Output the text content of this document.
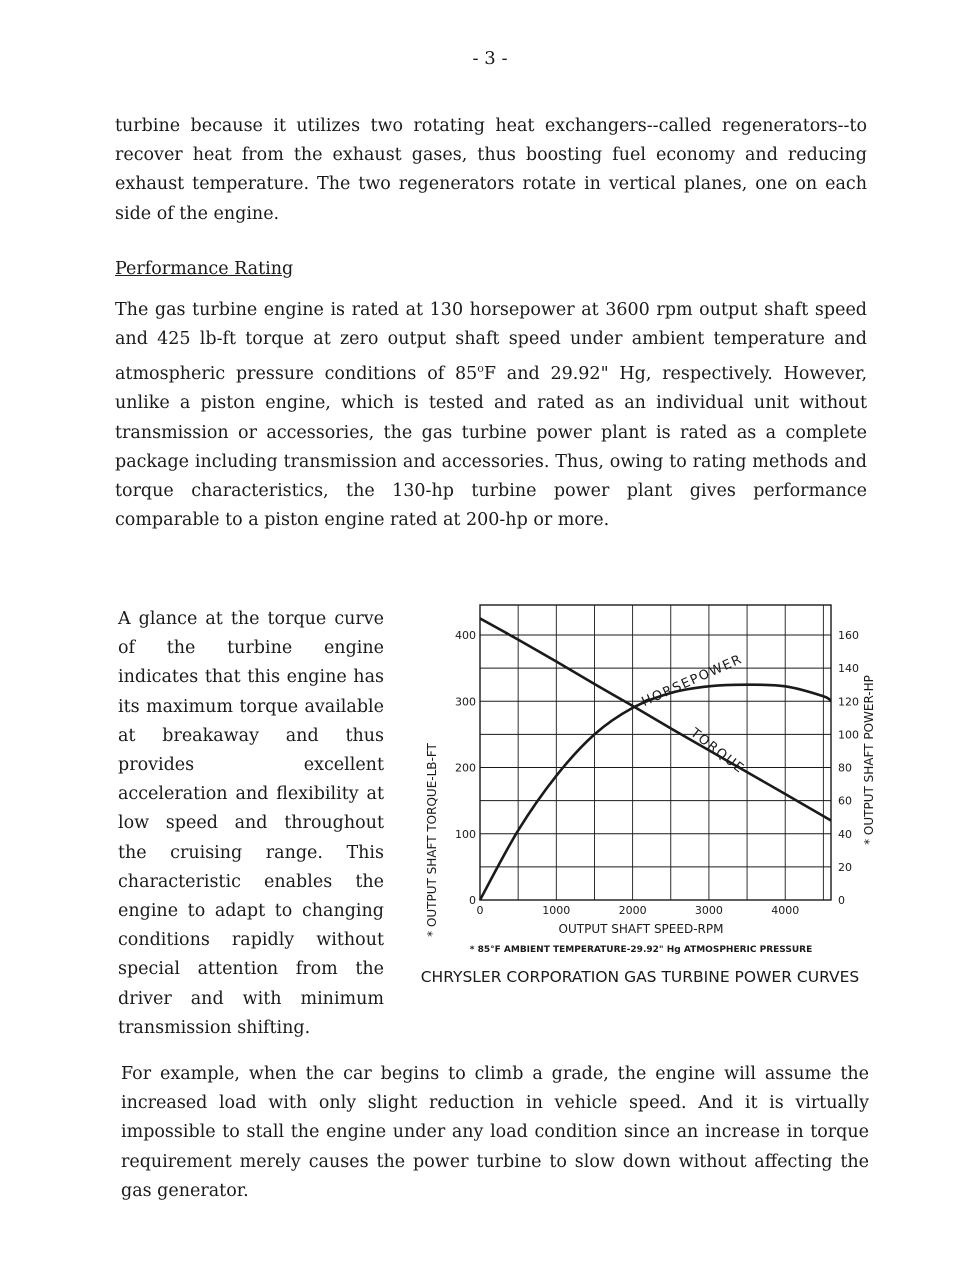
- 3 -

turbine because it utilizes two rotating heat exchangers--called regenerators--to recover heat from the exhaust gases, thus boosting fuel economy and reducing exhaust temperature. The two regenerators rotate in vertical planes, one on each side of the engine.

Performance Rating

The gas turbine engine is rated at 130 horsepower at 3600 rpm output shaft speed and 425 lb-ft torque at zero output shaft speed under ambient temperature and atmospheric pressure conditions of 85$^o$F and 29.92" Hg, respectively. However, unlike a piston engine, which is tested and rated as an individual unit without transmission or accessories, the gas turbine power plant is rated as a complete package including transmission and accessories. Thus, owing to rating methods and torque characteristics, the 130-hp turbine power plant gives performance comparable to a piston engine rated at 200-hp or more.

A glance at the torque curve of the turbine engine indicates that this engine has its maximum torque available at breakaway and thus provides excellent acceleration and flexibility at low speed and throughout the cruising range. This characteristic enables the engine to adapt to changing conditions rapidly without special attention from the driver and with minimum transmission shifting.

HORSEPOWER
TORQUE
0	1000	2000	3000	4000
0
100
200
300
400
0
20
40
60
80
100
120
140
160
* OUTPUT SHAFT TORQUE-LB-FT	* OUTPUT SHAFT POWER-HP
OUTPUT SHAFT SPEED-RPM
* 85°F AMBIENT TEMPERATURE-29.92" Hg ATMOSPHERIC PRESSURE
CHRYSLER CORPORATION GAS TURBINE POWER CURVES

For example, when the car begins to climb a grade, the engine will assume the increased load with only slight reduction in vehicle speed. And it is virtually impossible to stall the engine under any load condition since an increase in torque requirement merely causes the power turbine to slow down without affecting the gas generator.
